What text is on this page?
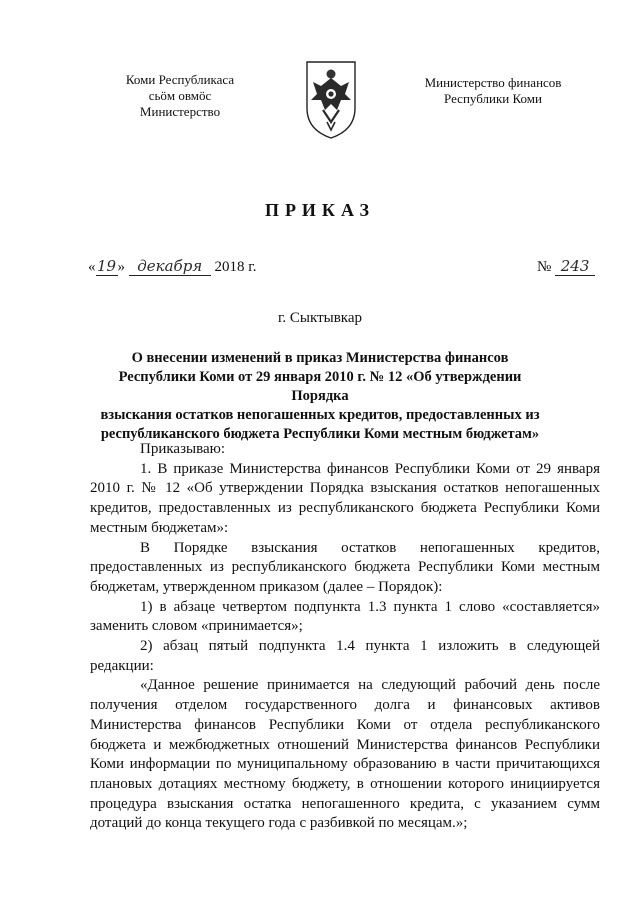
Коми Республикаса
сьӧм овмӧс
Министерство
Министерство финансов
Республики Коми
ПРИКАЗ
«19» декабря 2018 г.	№ 243
г. Сыктывкар
О внесении изменений в приказ Министерства финансов
Республики Коми от 29 января 2010 г. № 12 «Об утверждении Порядка
взыскания остатков непогашенных кредитов, предоставленных из
республиканского бюджета Республики Коми местным бюджетам»

Приказываю:

1. В приказе Министерства финансов Республики Коми от 29 января 2010 г. № 12 «Об утверждении Порядка взыскания остатков непогашенных кредитов, предоставленных из республиканского бюджета Республики Коми местным бюджетам»:

В Порядке взыскания остатков непогашенных кредитов, предоставленных из республиканского бюджета Республики Коми местным бюджетам, утвержденном приказом (далее – Порядок):

1) в абзаце четвертом подпункта 1.3 пункта 1 слово «составляется» заменить словом «принимается»;

2) абзац пятый подпункта 1.4 пункта 1 изложить в следующей редакции:

«Данное решение принимается на следующий рабочий день после получения отделом государственного долга и финансовых активов Министерства финансов Республики Коми от отдела республиканского бюджета и межбюджетных отношений Министерства финансов Республики Коми информации по муниципальному образованию в части причитающихся плановых дотациях местному бюджету, в отношении которого инициируется процедура взыскания остатка непогашенного кредита, с указанием сумм дотаций до конца текущего года с разбивкой по месяцам.»;
